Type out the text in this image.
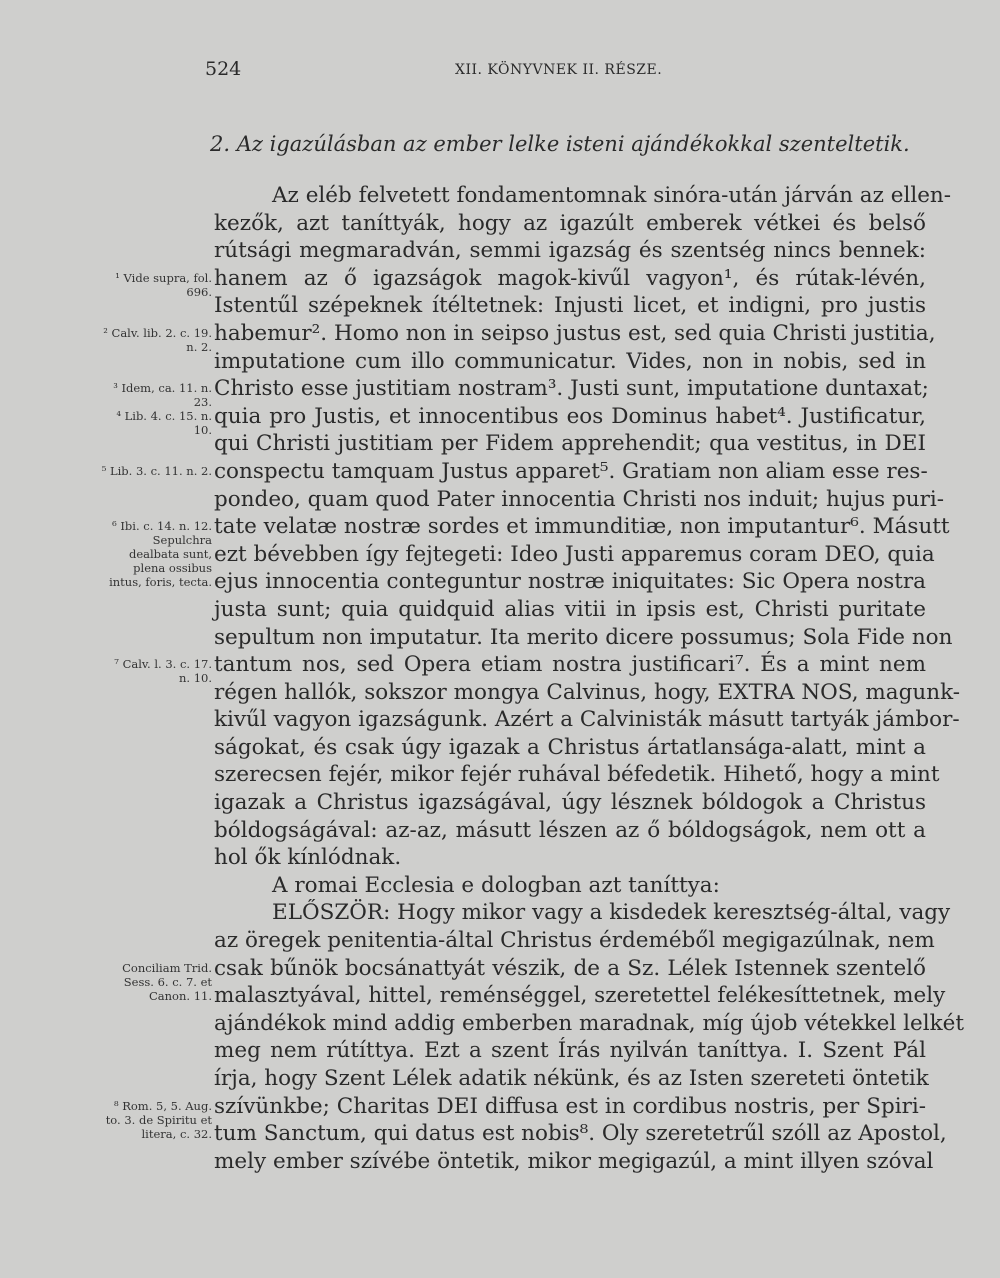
524	XII. KÖNYVNEK II. RÉSZE.
2. Az igazúlásban az ember lelke isteni ajándékokkal szenteltetik.
¹ Vide supra, fol. 696.
² Calv. lib. 2. c. 19. n. 2.
³ Idem, ca. 11. n. 23.
⁴ Lib. 4. c. 15. n. 10.
⁵ Lib. 3. c. 11. n. 2.
⁶ Ibi. c. 14. n. 12. Sepulchra dealbata sunt, plena ossibus intus, foris, tecta.
⁷ Calv. l. 3. c. 17. n. 10.
Conciliam Trid. Sess. 6. c. 7. et Canon. 11.
⁸ Rom. 5, 5. Aug. to. 3. de Spiritu et litera, c. 32.
Az eléb felvetett fondamentomnak sinóra-után járván az ellen-
kezők, azt taníttyák, hogy az igazúlt emberek vétkei és belső
rútsági megmaradván, semmi igazság és szentség nincs bennek:
hanem az ő igazságok magok-kivűl vagyon¹, és rútak-lévén,
Istentűl szépeknek ítéltetnek: Injusti licet, et indigni, pro justis
habemur². Homo non in seipso justus est, sed quia Christi justitia,
imputatione cum illo communicatur. Vides, non in nobis, sed in
Christo esse justitiam nostram³. Justi sunt, imputatione duntaxat;
quia pro Justis, et innocentibus eos Dominus habet⁴. Justificatur,
qui Christi justitiam per Fidem apprehendit; qua vestitus, in DEI
conspectu tamquam Justus apparet⁵. Gratiam non aliam esse res-
pondeo, quam quod Pater innocentia Christi nos induit; hujus puri-
tate velatæ nostræ sordes et immunditiæ, non imputantur⁶. Másutt
ezt bévebben így fejtegeti: Ideo Justi apparemus coram DEO, quia
ejus innocentia conteguntur nostræ iniquitates: Sic Opera nostra
justa sunt; quia quidquid alias vitii in ipsis est, Christi puritate
sepultum non imputatur. Ita merito dicere possumus; Sola Fide non
tantum nos, sed Opera etiam nostra justificari⁷. És a mint nem
régen hallók, sokszor mongya Calvinus, hogy, EXTRA NOS, magunk-
kivűl vagyon igazságunk. Azért a Calvinisták másutt tartyák jámbor-
ságokat, és csak úgy igazak a Christus ártatlansága-alatt, mint a
szerecsen fejér, mikor fejér ruhával béfedetik. Hihető, hogy a mint
igazak a Christus igazságával, úgy lésznek bóldogok a Christus
bóldogságával: az-az, másutt lészen az ő bóldogságok, nem ott a
hol ők kínlódnak.
A romai Ecclesia e dologban azt taníttya:
ELŐSZÖR: Hogy mikor vagy a kisdedek keresztség-által, vagy
az öregek penitentia-által Christus érdeméből megigazúlnak, nem
csak bűnök bocsánattyát vészik, de a Sz. Lélek Istennek szentelő
malasztyával, hittel, reménséggel, szeretettel felékesíttetnek, mely
ajándékok mind addig emberben maradnak, míg újob vétekkel lelkét
meg nem rútíttya. Ezt a szent Írás nyilván taníttya. I. Szent Pál
írja, hogy Szent Lélek adatik nékünk, és az Isten szereteti öntetik
szívünkbe; Charitas DEI diffusa est in cordibus nostris, per Spiri-
tum Sanctum, qui datus est nobis⁸. Oly szeretetrűl szóll az Apostol,
mely ember szívébe öntetik, mikor megigazúl, a mint illyen szóval
